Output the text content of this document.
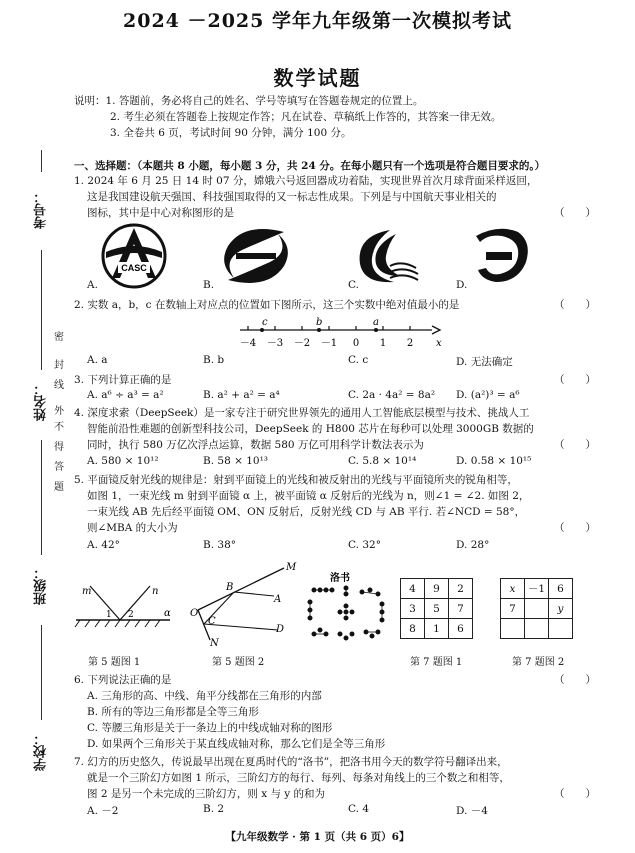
2024 －2025 学年九年级第一次模拟考试
数学试题
说明：1. 答题前，务必将自己的姓名、学号等填写在答题卷规定的位置上。
2. 考生必须在答题卷上按规定作答；凡在试卷、草稿纸上作答的，其答案一律无效。
3. 全卷共 6 页，考试时间 90 分钟，满分 100 分。
考号：
姓名：
班级：
学校：
密
封
线
外
不
得
答
题
一、选择题：（本题共 8 小题，每小题 3 分，共 24 分。在每小题只有一个选项是符合题目要求的。）
1. 2024 年 6 月 25 日 14 时 07 分，嫦娥六号返回器成功着陆，实现世界首次月球背面采样返回，
这是我国建设航天强国、科技强国取得的又一标志性成果。下列是与中国航天事业相关的
图标，其中是中心对称图形的是	（　　）
CASC
A.	B.	C.	D.
2. 实数 a，b，c 在数轴上对应点的位置如下图所示，这三个实数中绝对值最小的是	（　　）
－4 －3 －2 －1 0 1 2
c	b	a
x
A. a	B. b	C. c	D. 无法确定
3. 下列计算正确的是	（　　）
A. a⁶ ÷ a³ = a²	B. a² + a² = a⁴	C. 2a · 4a² = 8a²	D. (a²)³ = a⁶
4. 深度求索（DeepSeek）是一家专注于研究世界领先的通用人工智能底层模型与技术、挑战人工
智能前沿性难题的创新型科技公司，DeepSeek 的 H800 芯片在每秒可以处理 3000GB 数据的
同时，执行 580 万亿次浮点运算，数据 580 万亿可用科学计数法表示为	（　　）
A. 580 × 10¹²	B. 58 × 10¹³	C. 5.8 × 10¹⁴	D. 0.58 × 10¹⁵
5. 平面镜反射光线的规律是：射到平面镜上的光线和被反射出的光线与平面镜所夹的锐角相等，
如图 1，一束光线 m 射到平面镜 α 上，被平面镜 α 反射后的光线为 n，则∠1 = ∠2. 如图 2，
一束光线 AB 先后经平面镜 OM、ON 反射后，反射光线 CD 与 AB 平行. 若∠NCD = 58°，
则∠MBA 的大小为	（　　）
A. 42°	B. 38°	C. 32°	D. 28°
m	n
1 2	α
第 5 题图 1
M
B
A
C
D
O
N
第 5 题图 2
洛书
4	9	2
3	5	7
8	1	6
第 7 题图 1
x	－1	6
7		y

第 7 题图 2
6. 下列说法正确的是	（　　）
A. 三角形的高、中线、角平分线都在三角形的内部
B. 所有的等边三角形都是全等三角形
C. 等腰三角形是关于一条边上的中线成轴对称的图形
D. 如果两个三角形关于某直线成轴对称，那么它们是全等三角形
7. 幻方的历史悠久，传说最早出现在夏禹时代的“洛书”，把洛书用今天的数学符号翻译出来，
就是一个三阶幻方如图 1 所示，三阶幻方的每行、每列、每条对角线上的三个数之和相等，
图 2 是另一个未完成的三阶幻方，则 x 与 y 的和为	（　　）
A. －2	B. 2	C. 4	D. －4
【九年级数学 · 第 1 页（共 6 页）6】
